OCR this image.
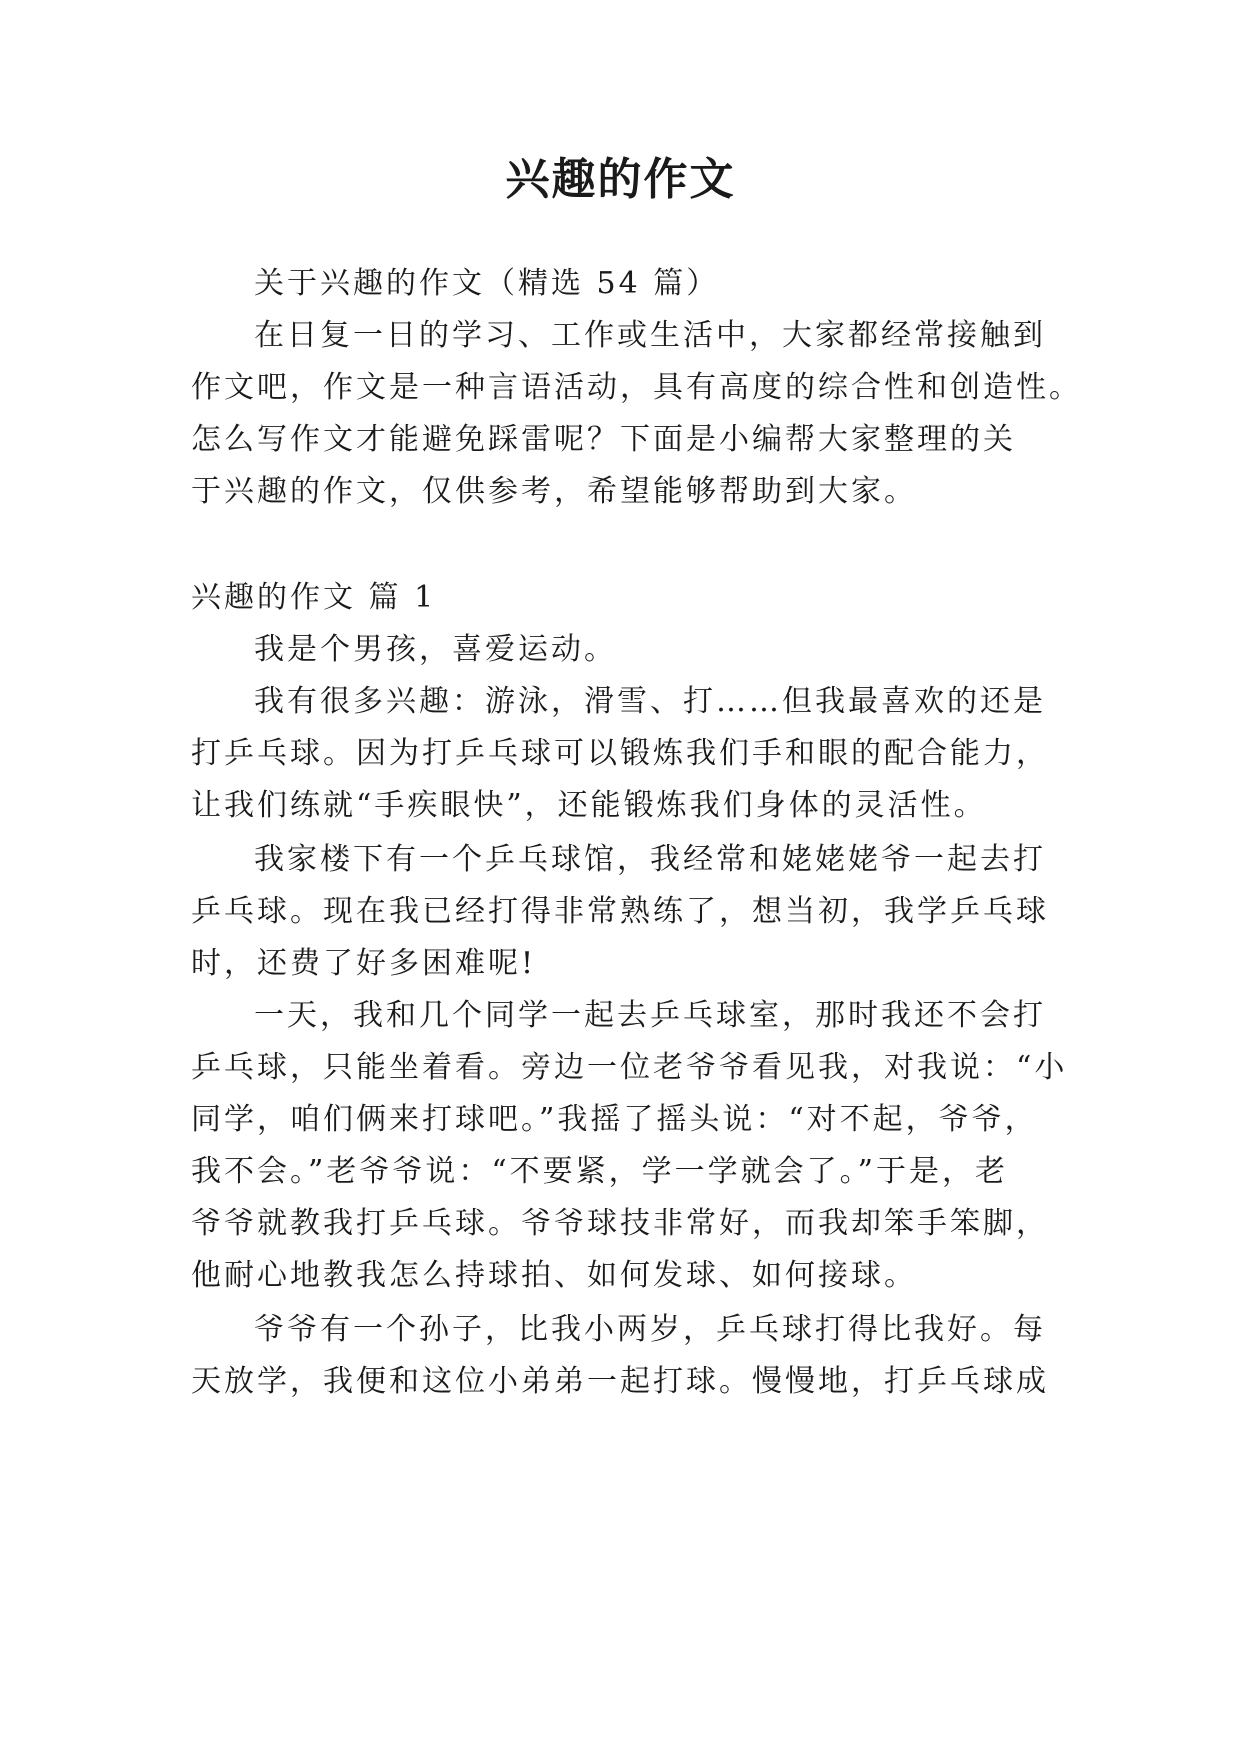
兴趣的作文

关于兴趣的作文（精选 54 篇）

在日复一日的学习、工作或生活中，大家都经常接触到

作文吧，作文是一种言语活动，具有高度的综合性和创造性。

怎么写作文才能避免踩雷呢？下面是小编帮大家整理的关

于兴趣的作文，仅供参考，希望能够帮助到大家。

兴趣的作文 篇 1

我是个男孩，喜爱运动。

我有很多兴趣：游泳，滑雪、打……但我最喜欢的还是

打乒乓球。因为打乒乓球可以锻炼我们手和眼的配合能力，

让我们练就“手疾眼快”，还能锻炼我们身体的灵活性。

我家楼下有一个乒乓球馆，我经常和姥姥姥爷一起去打

乒乓球。现在我已经打得非常熟练了，想当初，我学乒乓球

时，还费了好多困难呢!

一天，我和几个同学一起去乒乓球室，那时我还不会打

乒乓球，只能坐着看。旁边一位老爷爷看见我，对我说：“小

同学，咱们俩来打球吧。”我摇了摇头说：“对不起，爷爷，

我不会。”老爷爷说：“不要紧，学一学就会了。”于是，老

爷爷就教我打乒乓球。爷爷球技非常好，而我却笨手笨脚，

他耐心地教我怎么持球拍、如何发球、如何接球。

爷爷有一个孙子，比我小两岁，乒乓球打得比我好。每

天放学，我便和这位小弟弟一起打球。慢慢地，打乒乓球成
